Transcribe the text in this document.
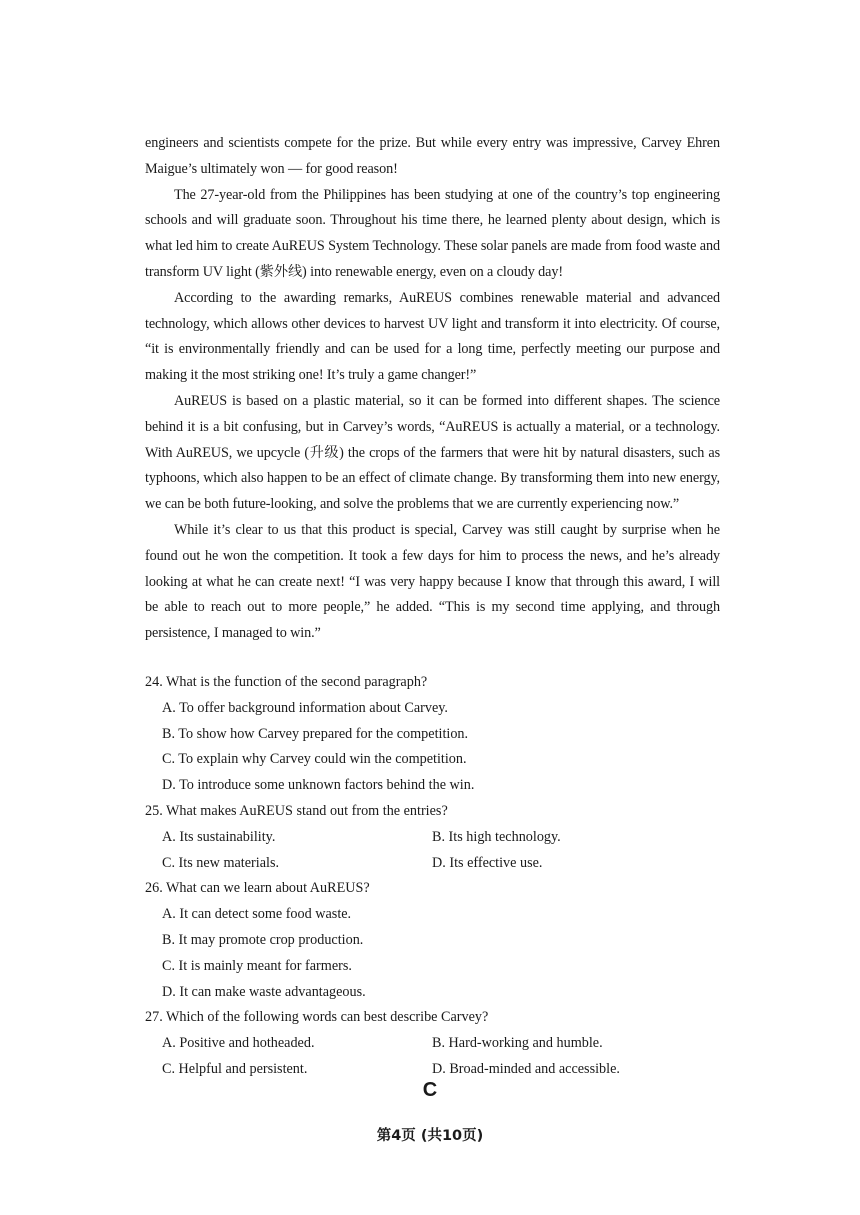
engineers and scientists compete for the prize. But while every entry was impressive, Carvey Ehren Maigue’s ultimately won — for good reason!

The 27-year-old from the Philippines has been studying at one of the country’s top engineering schools and will graduate soon. Throughout his time there, he learned plenty about design, which is what led him to create AuREUS System Technology. These solar panels are made from food waste and transform UV light (紫外线) into renewable energy, even on a cloudy day!

According to the awarding remarks, AuREUS combines renewable material and advanced technology, which allows other devices to harvest UV light and transform it into electricity. Of course, “it is environmentally friendly and can be used for a long time, perfectly meeting our purpose and making it the most striking one! It’s truly a game changer!”

AuREUS is based on a plastic material, so it can be formed into different shapes. The science behind it is a bit confusing, but in Carvey’s words, “AuREUS is actually a material, or a technology. With AuREUS, we upcycle (升级) the crops of the farmers that were hit by natural disasters, such as typhoons, which also happen to be an effect of climate change. By transforming them into new energy, we can be both future-looking, and solve the problems that we are currently experiencing now.”

While it’s clear to us that this product is special, Carvey was still caught by surprise when he found out he won the competition. It took a few days for him to process the news, and he’s already looking at what he can create next! “I was very happy because I know that through this award, I will be able to reach out to more people,” he added. “This is my second time applying, and through persistence, I managed to win.”

24. What is the function of the second paragraph?

A. To offer background information about Carvey.

B. To show how Carvey prepared for the competition.

C. To explain why Carvey could win the competition.

D. To introduce some unknown factors behind the win.

25. What makes AuREUS stand out from the entries?

A. Its sustainability.	B. Its high technology.
C. Its new materials.	D. Its effective use.

26. What can we learn about AuREUS?

A. It can detect some food waste.

B. It may promote crop production.

C. It is mainly meant for farmers.

D. It can make waste advantageous.

27. Which of the following words can best describe Carvey?

A. Positive and hotheaded.	B. Hard-working and humble.
C. Helpful and persistent.	D. Broad-minded and accessible.
C
第4页 (共10页)
